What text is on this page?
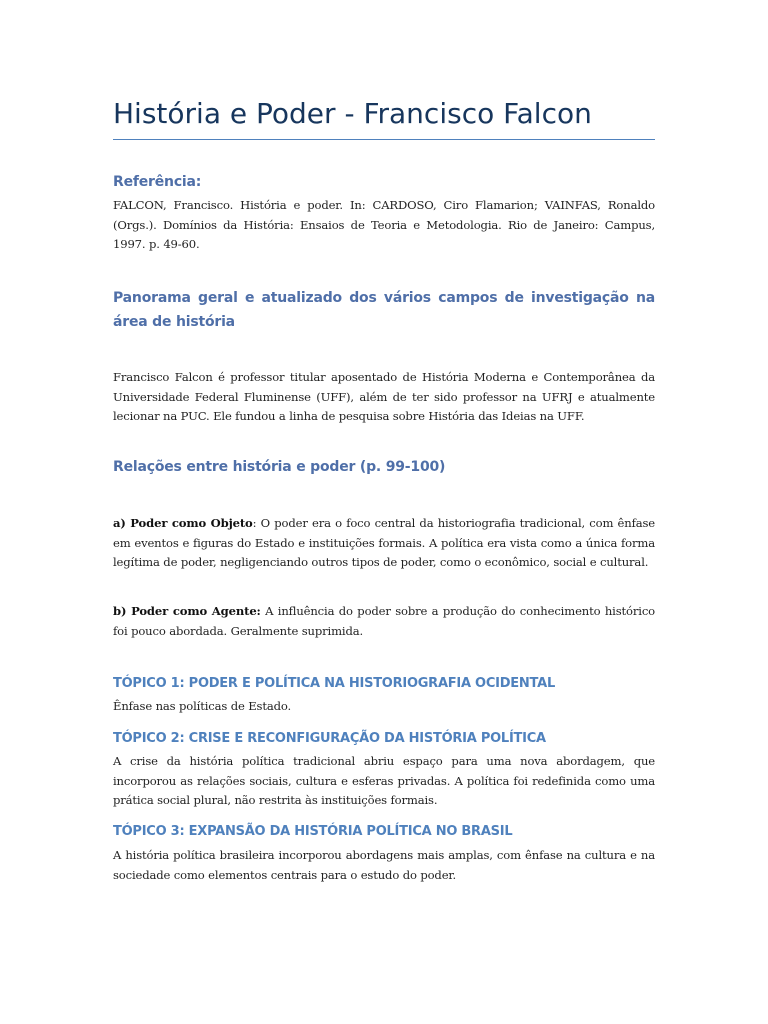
História e Poder - Francisco Falcon
Referência:
FALCON, Francisco. História e poder. In: CARDOSO, Ciro Flamarion; VAINFAS, Ronaldo (Orgs.). Domínios da História: Ensaios de Teoria e Metodologia. Rio de Janeiro: Campus, 1997. p. 49-60.
Panorama geral e atualizado dos vários campos de investigação na área de história
Francisco Falcon é professor titular aposentado de História Moderna e Contemporânea da Universidade Federal Fluminense (UFF), além de ter sido professor na UFRJ e atualmente lecionar na PUC. Ele fundou a linha de pesquisa sobre História das Ideias na UFF.
Relações entre história e poder (p. 99-100)
a) Poder como Objeto: O poder era o foco central da historiografia tradicional, com ênfase em eventos e figuras do Estado e instituições formais. A política era vista como a única forma legítima de poder, negligenciando outros tipos de poder, como o econômico, social e cultural.
b) Poder como Agente: A influência do poder sobre a produção do conhecimento histórico foi pouco abordada. Geralmente suprimida.
TÓPICO 1: PODER E POLÍTICA NA HISTORIOGRAFIA OCIDENTAL
Ênfase nas políticas de Estado.
TÓPICO 2: CRISE E RECONFIGURAÇÃO DA HISTÓRIA POLÍTICA
A crise da história política tradicional abriu espaço para uma nova abordagem, que incorporou as relações sociais, cultura e esferas privadas. A política foi redefinida como uma prática social plural, não restrita às instituições formais.
TÓPICO 3: EXPANSÃO DA HISTÓRIA POLÍTICA NO BRASIL
A história política brasileira incorporou abordagens mais amplas, com ênfase na cultura e na sociedade como elementos centrais para o estudo do poder.
